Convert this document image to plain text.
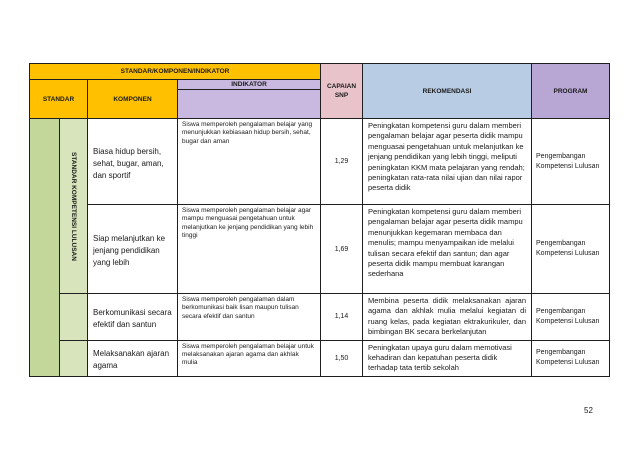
STANDAR/KOMPONEN/INDIKATOR				CAPAIAN SNP	REKOMENDASI	PROGRAM
STANDAR		KOMPONEN	INDIKATOR			

	STANDAR KOMPETENSI LULUSAN	Biasa hidup bersih, sehat, bugar, aman, dan sportif	Siswa memperoleh pengalaman belajar yang menunjukkan kebiasaan hidup bersih, sehat, bugar dan aman	1,29	Peningkatan kompetensi guru dalam memberi pengalaman belajar agar peserta didik mampu menguasai pengetahuan untuk melanjutkan ke jenjang pendidikan yang lebih tinggi, meliputi peningkatan KKM mata pelajaran yang rendah; peningkatan rata-rata nilai ujian dan nilai rapor peserta didik	Pengembangan Kompetensi Lulusan
		Siap melanjutkan ke jenjang pendidikan yang lebih	Siswa memperoleh pengalaman belajar agar mampu menguasai pengetahuan untuk melanjutkan ke jenjang pendidikan yang lebih tinggi	1,69	Peningkatan kompetensi guru dalam memberi pengalaman belajar agar peserta didik mampu menunjukkan kegemaran membaca dan menulis; mampu menyampaikan ide melalui tulisan secara efektif dan santun; dan agar peserta didik mampu membuat karangan sederhana	Pengembangan Kompetensi Lulusan
		Berkomunikasi secara efektif dan santun	Siswa memperoleh pengalaman dalam berkomunikasi baik lisan maupun tulisan secara efektif dan santun	1,14	Membina peserta didik melaksanakan ajaran agama dan akhlak mulia melalui kegiatan di ruang kelas, pada kegiatan ektrakurikuler, dan bimbingan BK secara berkelanjutan	Pengembangan Kompetensi Lulusan
		Melaksanakan ajaran agama	Siswa memperoleh pengalaman belajar untuk melaksanakan ajaran agama dan akhlak mulia	1,50	Peningkatan upaya guru dalam memotivasi kehadiran dan kepatuhan peserta didik terhadap tata tertib sekolah	Pengembangan Kompetensi Lulusan
52
